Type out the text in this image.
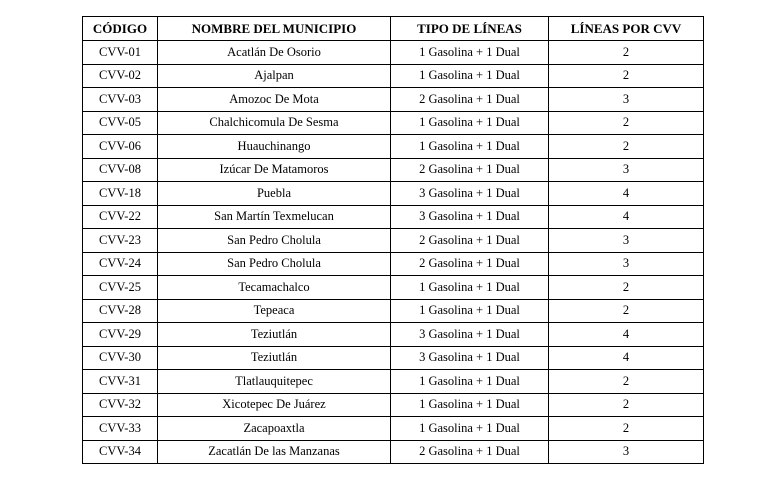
CÓDIGO	NOMBRE DEL MUNICIPIO	TIPO DE LÍNEAS	LÍNEAS POR CVV
CVV-01	Acatlán De Osorio	1 Gasolina + 1 Dual	2
CVV-02	Ajalpan	1 Gasolina + 1 Dual	2
CVV-03	Amozoc De Mota	2 Gasolina + 1 Dual	3
CVV-05	Chalchicomula De Sesma	1 Gasolina + 1 Dual	2
CVV-06	Huauchinango	1 Gasolina + 1 Dual	2
CVV-08	Izúcar De Matamoros	2 Gasolina + 1 Dual	3
CVV-18	Puebla	3 Gasolina + 1 Dual	4
CVV-22	San Martín Texmelucan	3 Gasolina + 1 Dual	4
CVV-23	San Pedro Cholula	2 Gasolina + 1 Dual	3
CVV-24	San Pedro Cholula	2 Gasolina + 1 Dual	3
CVV-25	Tecamachalco	1 Gasolina + 1 Dual	2
CVV-28	Tepeaca	1 Gasolina + 1 Dual	2
CVV-29	Teziutlán	3 Gasolina + 1 Dual	4
CVV-30	Teziutlán	3 Gasolina + 1 Dual	4
CVV-31	Tlatlauquitepec	1 Gasolina + 1 Dual	2
CVV-32	Xicotepec De Juárez	1 Gasolina + 1 Dual	2
CVV-33	Zacapoaxtla	1 Gasolina + 1 Dual	2
CVV-34	Zacatlán De las Manzanas	2 Gasolina + 1 Dual	3
